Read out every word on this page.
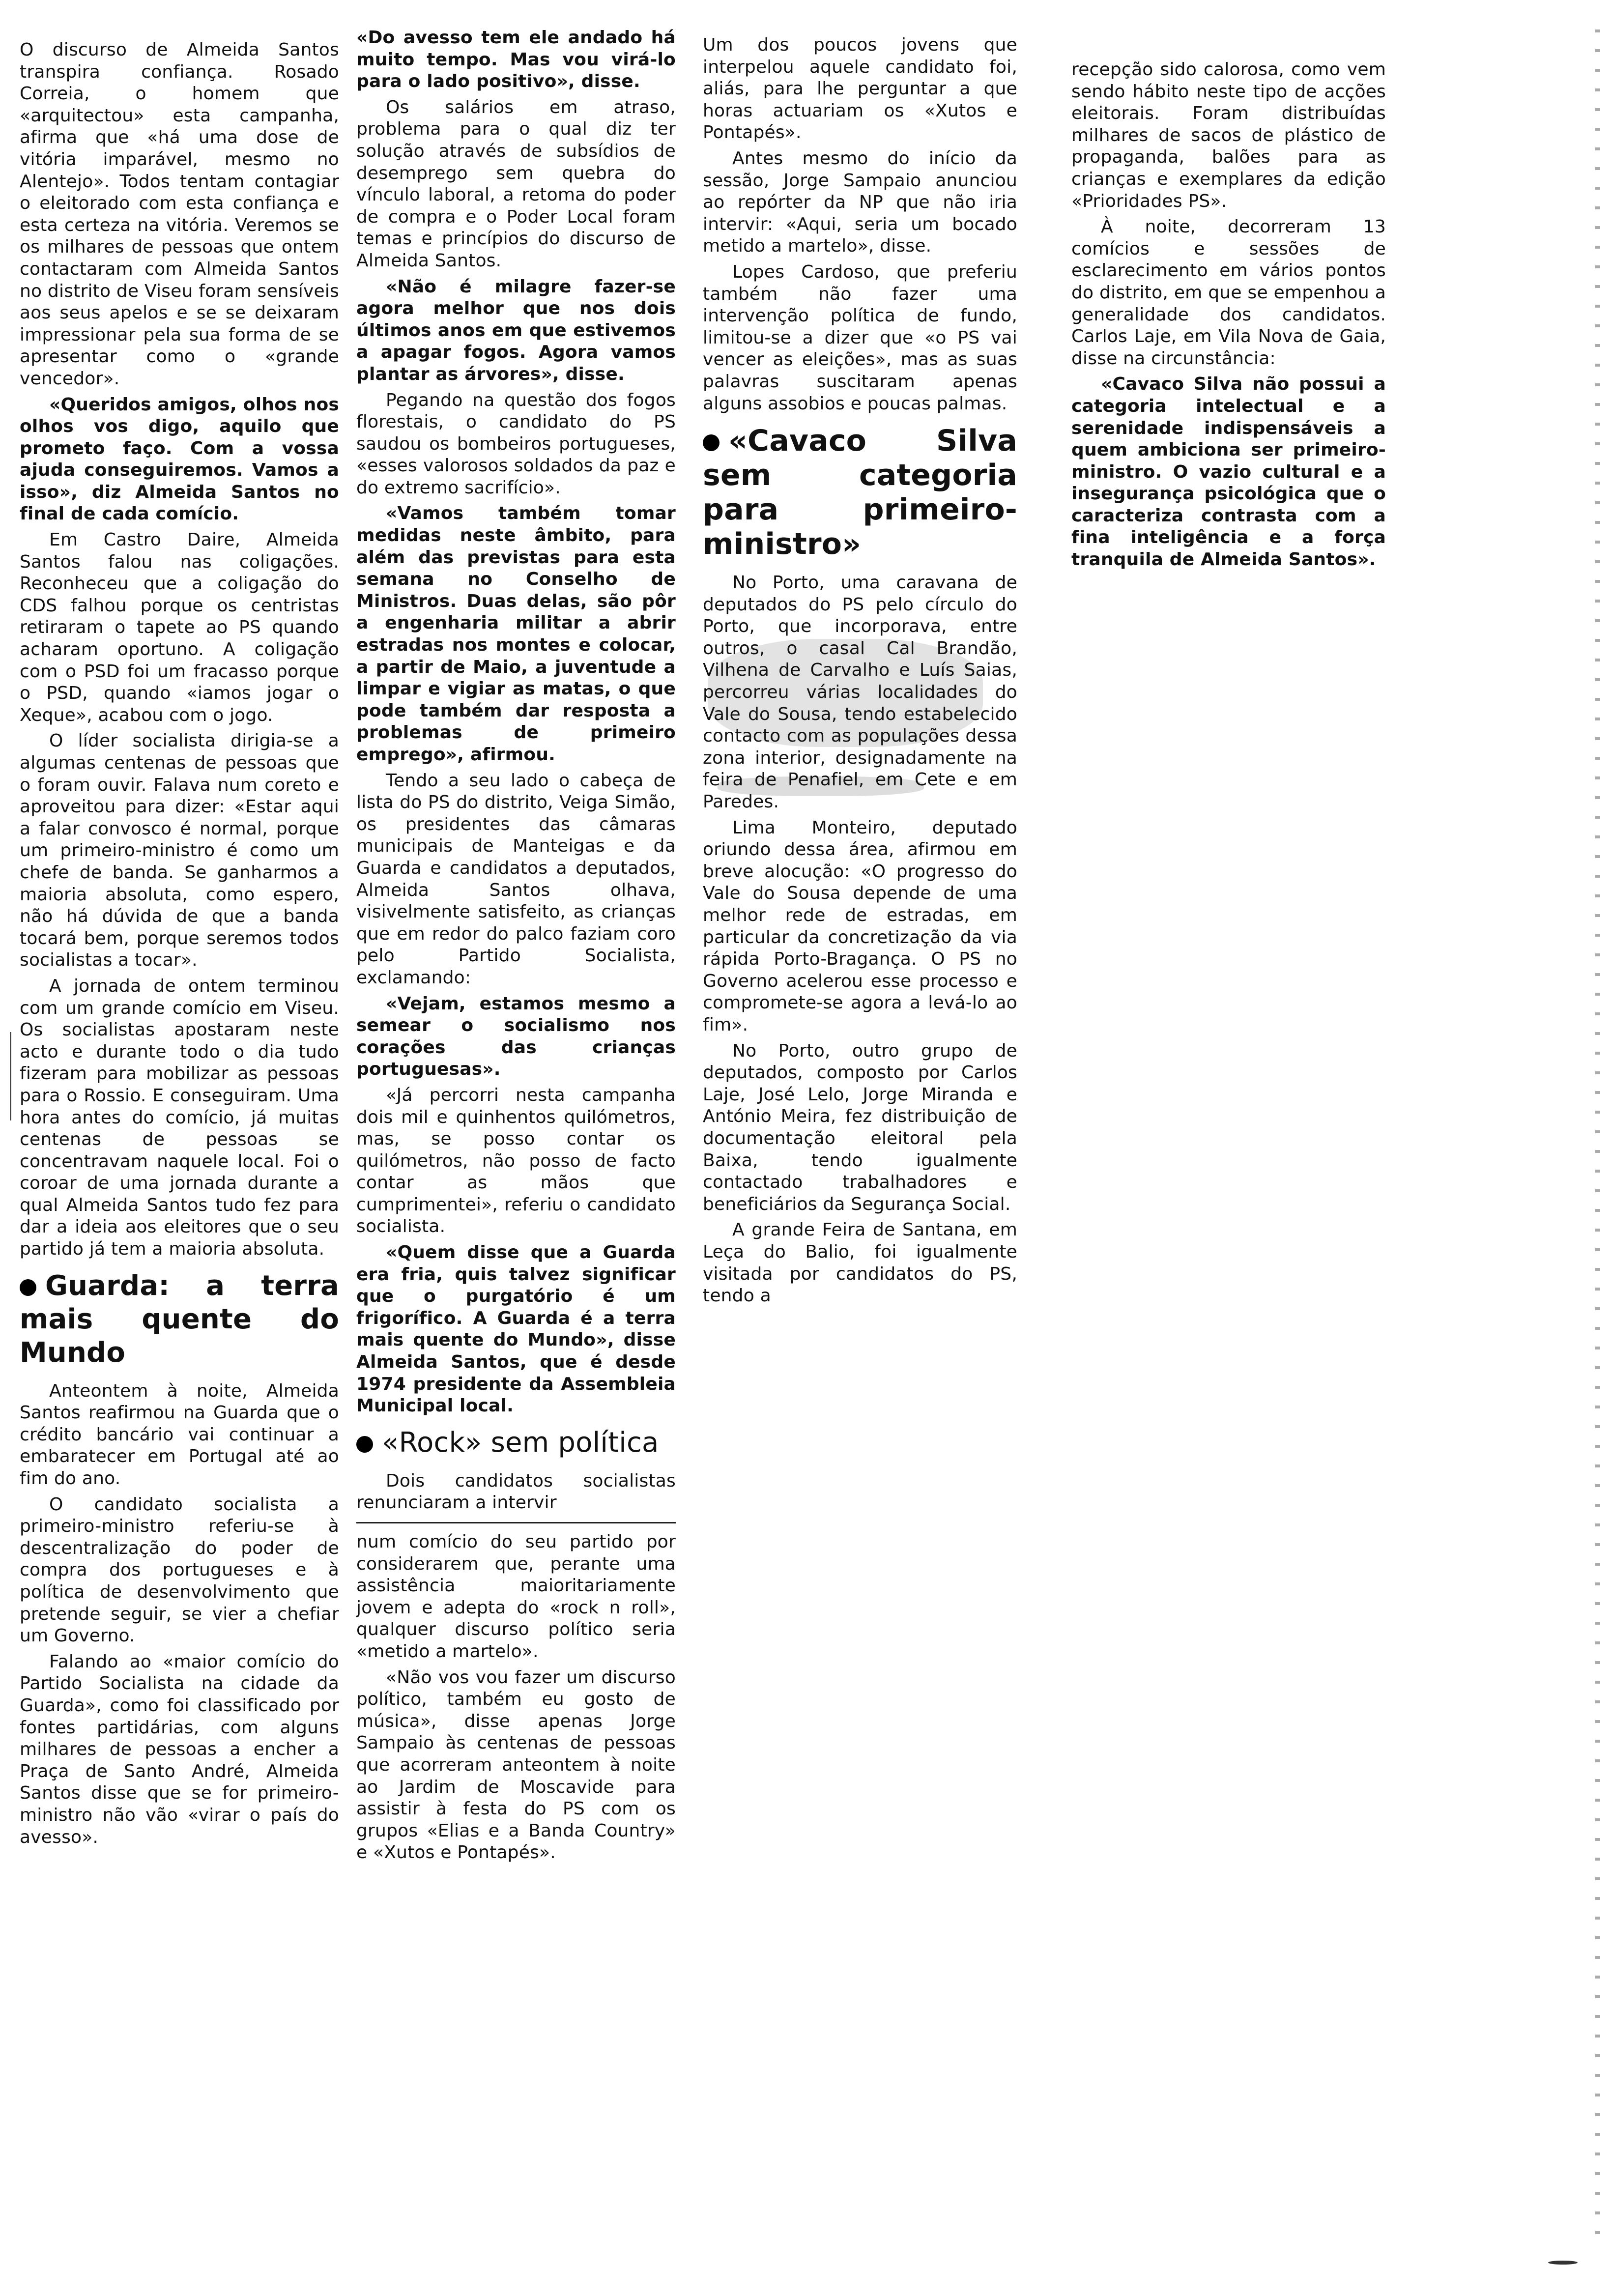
O discurso de Almeida Santos transpira confiança. Rosado Correia, o homem que «arquitectou» esta campanha, afirma que «há uma dose de vitória imparável, mesmo no Alentejo». Todos tentam contagiar o eleitorado com esta confiança e esta certeza na vitória. Veremos se os milhares de pessoas que ontem contactaram com Almeida Santos no distrito de Viseu foram sensíveis aos seus apelos e se se deixaram impressionar pela sua forma de se apresentar como o «grande vencedor».

«Queridos amigos, olhos nos olhos vos digo, aquilo que prometo faço. Com a vossa ajuda conseguiremos. Vamos a isso», diz Almeida Santos no final de cada comício.

Em Castro Daire, Almeida Santos falou nas coligações. Reconheceu que a coligação do CDS falhou porque os centristas retiraram o tapete ao PS quando acharam oportuno. A coligação com o PSD foi um fracasso porque o PSD, quando «iamos jogar o Xeque», acabou com o jogo.

O líder socialista dirigia-se a algumas centenas de pessoas que o foram ouvir. Falava num coreto e aproveitou para dizer: «Estar aqui a falar convosco é normal, porque um primeiro-ministro é como um chefe de banda. Se ganharmos a maioria absoluta, como espero, não há dúvida de que a banda tocará bem, porque seremos todos socialistas a tocar».

A jornada de ontem terminou com um grande comício em Viseu. Os socialistas apostaram neste acto e durante todo o dia tudo fizeram para mobilizar as pessoas para o Rossio. E conseguiram. Uma hora antes do comício, já muitas centenas de pessoas se concentravam naquele local. Foi o coroar de uma jornada durante a qual Almeida Santos tudo fez para dar a ideia aos eleitores que o seu partido já tem a maioria absoluta.

Guarda: a terra mais quente do Mundo

Anteontem à noite, Almeida Santos reafirmou na Guarda que o crédito bancário vai continuar a embaratecer em Portugal até ao fim do ano.

O candidato socialista a primeiro-ministro referiu-se à descentralização do poder de compra dos portugueses e à política de desenvolvimento que pretende seguir, se vier a chefiar um Governo.

Falando ao «maior comício do Partido Socialista na cidade da Guarda», como foi classificado por fontes partidárias, com alguns milhares de pessoas a encher a Praça de Santo André, Almeida Santos disse que se for primeiro-ministro não vão «virar o país do avesso».

«Do avesso tem ele andado há muito tempo. Mas vou virá-lo para o lado positivo», disse.

Os salários em atraso, problema para o qual diz ter solução através de subsídios de desemprego sem quebra do vínculo laboral, a retoma do poder de compra e o Poder Local foram temas e princípios do discurso de Almeida Santos.

«Não é milagre fazer-se agora melhor que nos dois últimos anos em que estivemos a apagar fogos. Agora vamos plantar as árvores», disse.

Pegando na questão dos fogos florestais, o candidato do PS saudou os bombeiros portugueses, «esses valorosos soldados da paz e do extremo sacrifício».

«Vamos também tomar medidas neste âmbito, para além das previstas para esta semana no Conselho de Ministros. Duas delas, são pôr a engenharia militar a abrir estradas nos montes e colocar, a partir de Maio, a juventude a limpar e vigiar as matas, o que pode também dar resposta a problemas de primeiro emprego», afirmou.

Tendo a seu lado o cabeça de lista do PS do distrito, Veiga Simão, os presidentes das câmaras municipais de Manteigas e da Guarda e candidatos a deputados, Almeida Santos olhava, visivelmente satisfeito, as crianças que em redor do palco faziam coro pelo Partido Socialista, exclamando:

«Vejam, estamos mesmo a semear o socialismo nos corações das crianças portuguesas».

«Já percorri nesta campanha dois mil e quinhentos quilómetros, mas, se posso contar os quilómetros, não posso de facto contar as mãos que cumprimentei», referiu o candidato socialista.

«Quem disse que a Guarda era fria, quis talvez significar que o purgatório é um frigorífico. A Guarda é a terra mais quente do Mundo», disse Almeida Santos, que é desde 1974 presidente da Assembleia Municipal local.

«Rock» sem política

Dois candidatos socialistas renunciaram a intervir

num comício do seu partido por considerarem que, perante uma assistência maioritariamente jovem e adepta do «rock n roll», qualquer discurso político seria «metido a martelo».

«Não vos vou fazer um discurso político, também eu gosto de música», disse apenas Jorge Sampaio às centenas de pessoas que acorreram anteontem à noite ao Jardim de Moscavide para assistir à festa do PS com os grupos «Elias e a Banda Country» e «Xutos e Pontapés».

Um dos poucos jovens que interpelou aquele candidato foi, aliás, para lhe perguntar a que horas actuariam os «Xutos e Pontapés».

Antes mesmo do início da sessão, Jorge Sampaio anunciou ao repórter da NP que não iria intervir: «Aqui, seria um bocado metido a martelo», disse.

Lopes Cardoso, que preferiu também não fazer uma intervenção política de fundo, limitou-se a dizer que «o PS vai vencer as eleições», mas as suas palavras suscitaram apenas alguns assobios e poucas palmas.

«Cavaco Silva sem categoria para primeiro-ministro»

No Porto, uma caravana de deputados do PS pelo círculo do Porto, que incorporava, entre outros, o casal Cal Brandão, Vilhena de Carvalho e Luís Saias, percorreu várias localidades do Vale do Sousa, tendo estabelecido contacto com as populações dessa zona interior, designadamente na feira de Penafiel, em Cete e em Paredes.

Lima Monteiro, deputado oriundo dessa área, afirmou em breve alocução: «O progresso do Vale do Sousa depende de uma melhor rede de estradas, em particular da concretização da via rápida Porto-Bragança. O PS no Governo acelerou esse processo e compromete-se agora a levá-lo ao fim».

No Porto, outro grupo de deputados, composto por Carlos Laje, José Lelo, Jorge Miranda e António Meira, fez distribuição de documentação eleitoral pela Baixa, tendo igualmente contactado trabalhadores e beneficiários da Segurança Social.

A grande Feira de Santana, em Leça do Balio, foi igualmente visitada por candidatos do PS, tendo a

recepção sido calorosa, como vem sendo hábito neste tipo de acções eleitorais. Foram distribuídas milhares de sacos de plástico de propaganda, balões para as crianças e exemplares da edição «Prioridades PS».

À noite, decorreram 13 comícios e sessões de esclarecimento em vários pontos do distrito, em que se empenhou a generalidade dos candidatos. Carlos Laje, em Vila Nova de Gaia, disse na circunstância:

«Cavaco Silva não possui a categoria intelectual e a serenidade indispensáveis a quem ambiciona ser primeiro-ministro. O vazio cultural e a insegurança psicológica que o caracteriza contrasta com a fina inteligência e a força tranquila de Almeida Santos».
